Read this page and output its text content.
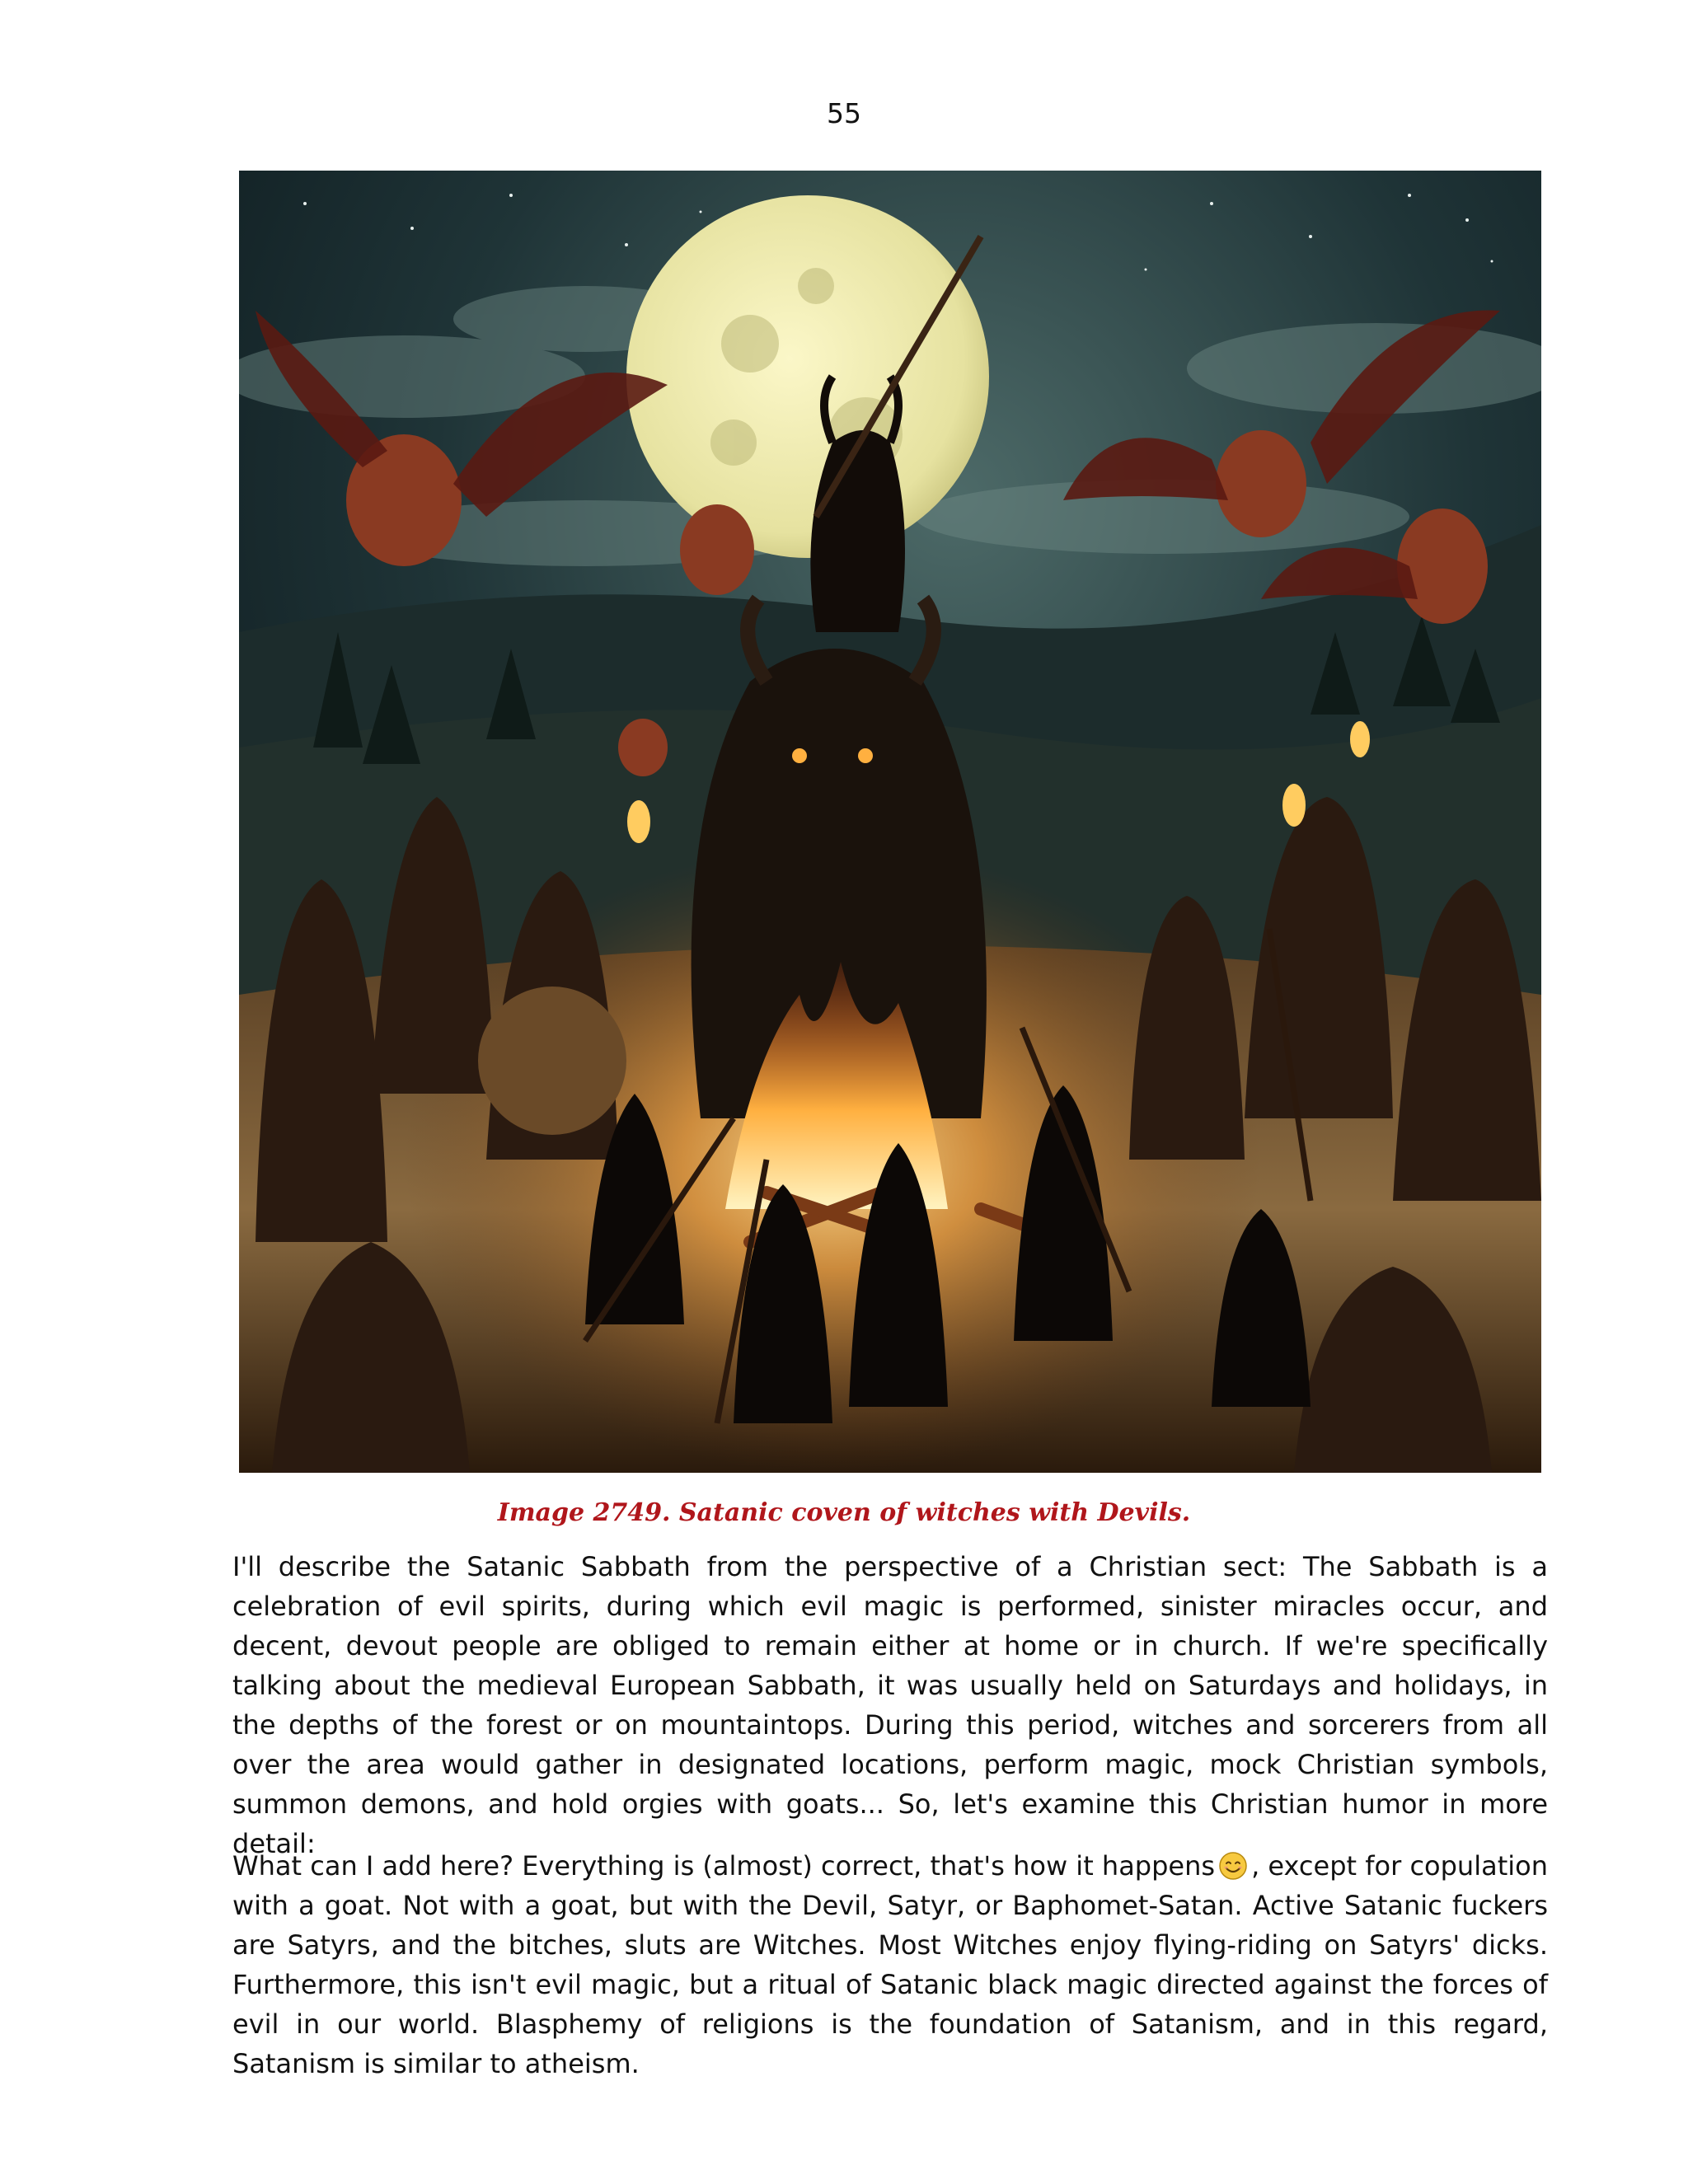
55
Image 2749. Satanic coven of witches with Devils.

I'll describe the Satanic Sabbath from the perspective of a Christian sect: The Sabbath is a celebration of evil spirits, during which evil magic is performed, sinister miracles occur, and decent, devout people are obliged to remain either at home or in church. If we're specifically talking about the medieval European Sabbath, it was usually held on Saturdays and holidays, in the depths of the forest or on mountaintops. During this period, witches and sorcerers from all over the area would gather in designated locations, perform magic, mock Christian symbols, summon demons, and hold orgies with goats... So, let's examine this Christian humor in more detail:

What can I add here? Everything is (almost) correct, that's how it happens , except for copulation with a goat. Not with a goat, but with the Devil, Satyr, or Baphomet-Satan. Active Satanic fuckers are Satyrs, and the bitches, sluts are Witches. Most Witches enjoy flying-riding on Satyrs' dicks. Furthermore, this isn't evil magic, but a ritual of Satanic black magic directed against the forces of evil in our world. Blasphemy of religions is the foundation of Satanism, and in this regard, Satanism is similar to atheism.
